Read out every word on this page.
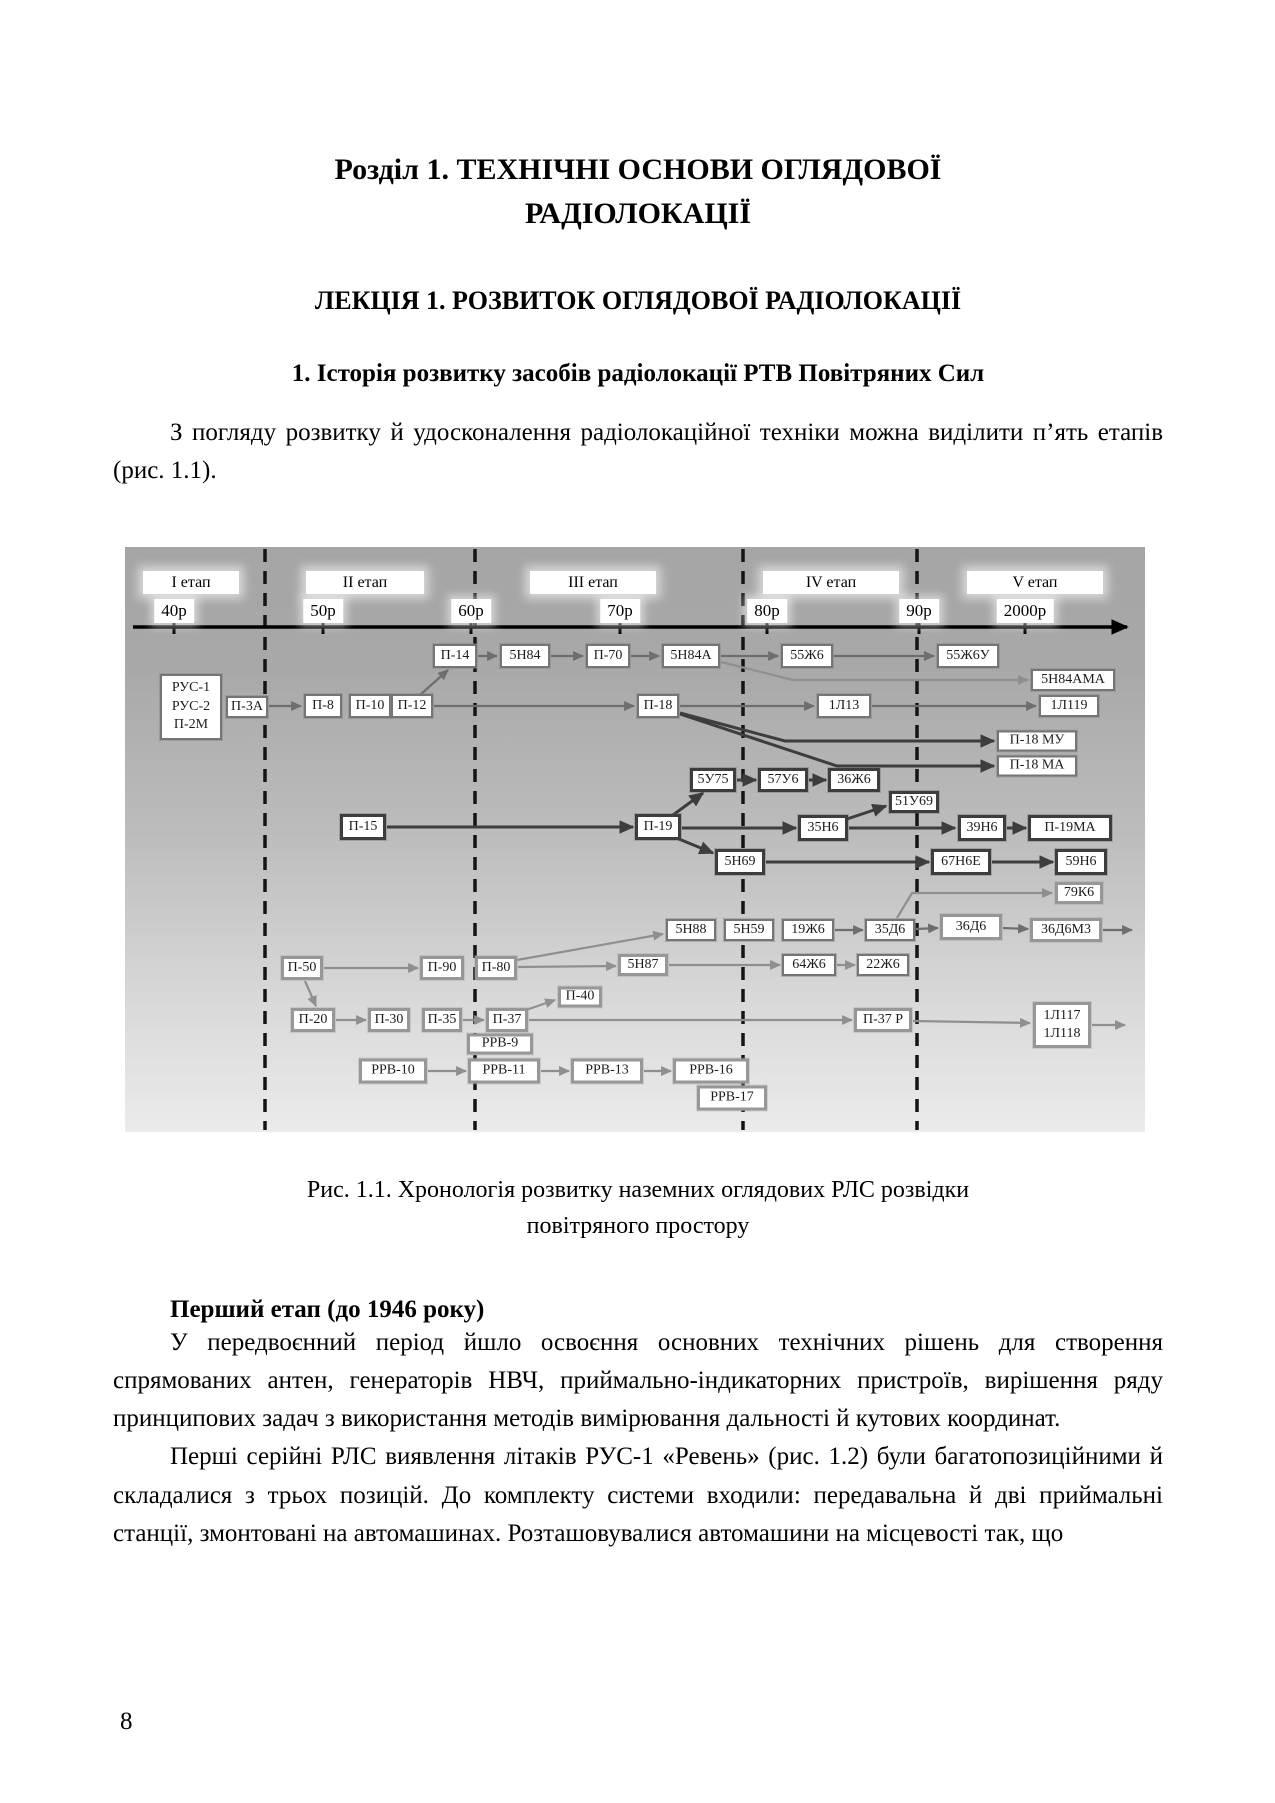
Розділ 1. ТЕХНІЧНІ ОСНОВИ ОГЛЯДОВОЇ РАДІОЛОКАЦІЇ
ЛЕКЦІЯ 1. РОЗВИТОК ОГЛЯДОВОЇ РАДІОЛОКАЦІЇ
1. Історія розвитку засобів радіолокації РТВ Повітряних Сил

З погляду розвитку й удосконалення радіолокаційної техніки можна виділити п’ять етапів (рис. 1.1).

I етап	II етап	III етап	IV етап	V етап
40р	50р	60р	70р	80р	90р	2000р
РУС-1
РУС-2
П-2М
П-3А	П-8 П-10 П-12
П-14	5Н84	П-70	5Н84А	55Ж6	55Ж6У
5Н84АМА
П-18	1Л13	1Л119
П-18 МУ
П-18 МА
5У75	57У6	36Ж6
51У69
П-15	П-19	35Н6	39Н6	П-19МА
5Н69	67Н6Е	59Н6
79К6
5Н88 5Н59 19Ж6	35Д6	36Д6	36Д6М3
П-50	П-90 П-80	5Н87	64Ж6	22Ж6
П-20	П-30 П-35	П-37
П-40
П-37 Р	1Л117
1Л118
РРВ-9
РРВ-10	РРВ-11	РРВ-13	РРВ-16
РРВ-17
Рис. 1.1. Хронологія розвитку наземних оглядових РЛС розвідки
повітряного простору
Перший етап (до 1946 року)

У передвоєнний період йшло освоєння основних технічних рішень для створення спрямованих антен, генераторів НВЧ, приймально-індикаторних пристроїв, вирішення ряду принципових задач з використання методів вимірювання дальності й кутових координат.

Перші серійні РЛС виявлення літаків РУС-1 «Ревень» (рис. 1.2) були багатопозиційними й складалися з трьох позицій. До комплекту системи входили: передавальна й дві приймальні станції, змонтовані на автомашинах. Розташовувалися автомашини на місцевості так, що

8
